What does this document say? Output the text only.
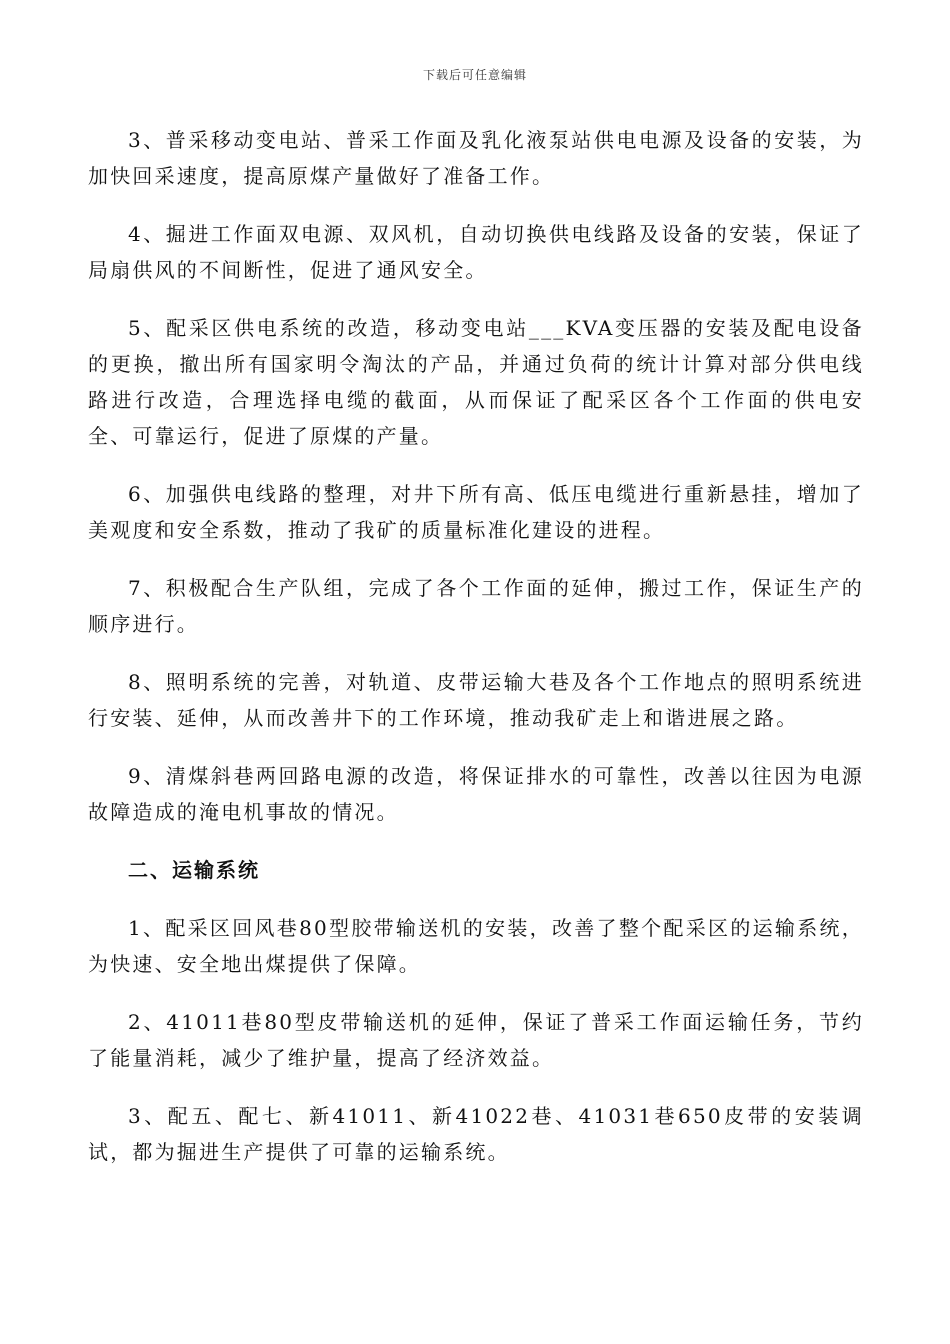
下载后可任意编辑

3、普采移动变电站、普采工作面及乳化液泵站供电电源及设备的安装，为加快回采速度，提高原煤产量做好了准备工作。

4、掘进工作面双电源、双风机，自动切换供电线路及设备的安装，保证了局扇供风的不间断性，促进了通风安全。

5、配采区供电系统的改造，移动变电站___KVA变压器的安装及配电设备的更换，撤出所有国家明令淘汰的产品，并通过负荷的统计计算对部分供电线路进行改造，合理选择电缆的截面，从而保证了配采区各个工作面的供电安全、可靠运行，促进了原煤的产量。

6、加强供电线路的整理，对井下所有高、低压电缆进行重新悬挂，增加了美观度和安全系数，推动了我矿的质量标准化建设的进程。

7、积极配合生产队组，完成了各个工作面的延伸，搬过工作，保证生产的顺序进行。

8、照明系统的完善，对轨道、皮带运输大巷及各个工作地点的照明系统进行安装、延伸，从而改善井下的工作环境，推动我矿走上和谐进展之路。

9、清煤斜巷两回路电源的改造，将保证排水的可靠性，改善以往因为电源故障造成的淹电机事故的情况。

二、运输系统

1、配采区回风巷80型胶带输送机的安装，改善了整个配采区的运输系统，为快速、安全地出煤提供了保障。

2、41011巷80型皮带输送机的延伸，保证了普采工作面运输任务，节约了能量消耗，减少了维护量，提高了经济效益。

3、配五、配七、新41011、新41022巷、41031巷650皮带的安装调试，都为掘进生产提供了可靠的运输系统。
